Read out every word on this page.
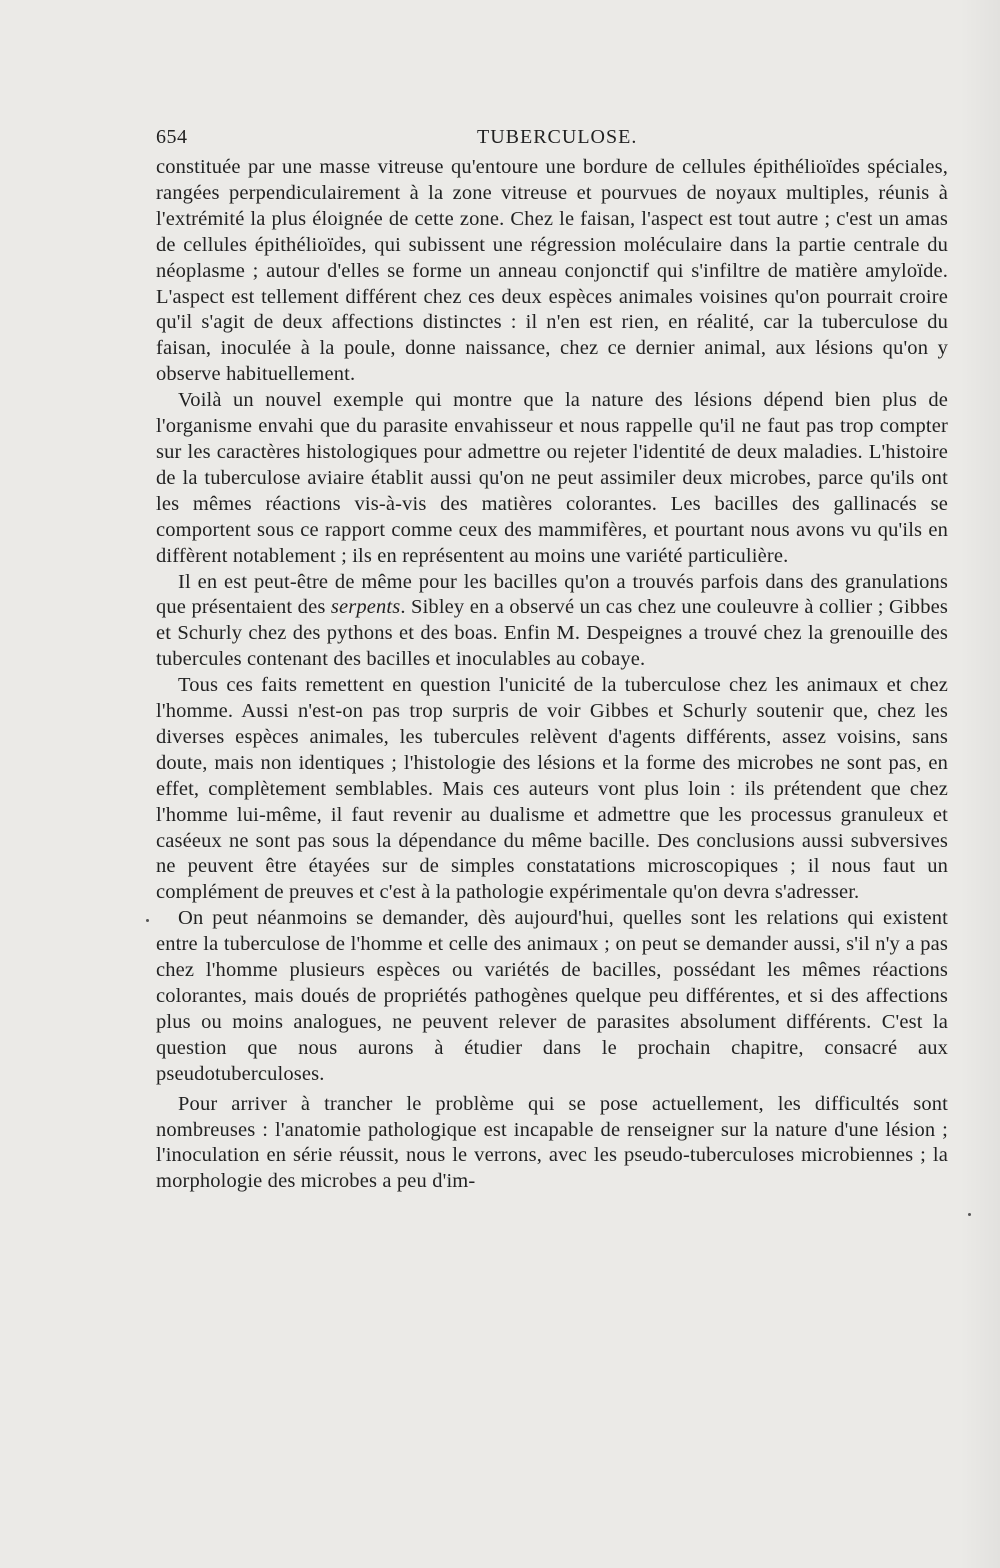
654	TUBERCULOSE.

constituée par une masse vitreuse qu'entoure une bordure de cellules épithélioïdes spéciales, rangées perpendiculairement à la zone vitreuse et pourvues de noyaux multiples, réunis à l'extrémité la plus éloignée de cette zone. Chez le faisan, l'aspect est tout autre ; c'est un amas de cellules épithélioïdes, qui subissent une régression moléculaire dans la partie centrale du néoplasme ; autour d'elles se forme un anneau conjonctif qui s'infiltre de matière amyloïde. L'aspect est tellement différent chez ces deux espèces animales voisines qu'on pourrait croire qu'il s'agit de deux affections distinctes : il n'en est rien, en réalité, car la tuberculose du faisan, inoculée à la poule, donne naissance, chez ce dernier animal, aux lésions qu'on y observe habituellement.

Voilà un nouvel exemple qui montre que la nature des lésions dépend bien plus de l'organisme envahi que du parasite envahisseur et nous rappelle qu'il ne faut pas trop compter sur les caractères histologiques pour admettre ou rejeter l'identité de deux maladies. L'histoire de la tuberculose aviaire établit aussi qu'on ne peut assimiler deux microbes, parce qu'ils ont les mêmes réactions vis-à-vis des matières colorantes. Les bacilles des gallinacés se comportent sous ce rapport comme ceux des mammifères, et pourtant nous avons vu qu'ils en diffèrent notablement ; ils en représentent au moins une variété particulière.

Il en est peut-être de même pour les bacilles qu'on a trouvés parfois dans des granulations que présentaient des serpents. Sibley en a observé un cas chez une couleuvre à collier ; Gibbes et Schurly chez des pythons et des boas. Enfin M. Despeignes a trouvé chez la grenouille des tubercules contenant des bacilles et inoculables au cobaye.

Tous ces faits remettent en question l'unicité de la tuberculose chez les animaux et chez l'homme. Aussi n'est-on pas trop surpris de voir Gibbes et Schurly soutenir que, chez les diverses espèces animales, les tubercules relèvent d'agents différents, assez voisins, sans doute, mais non identiques ; l'histologie des lésions et la forme des microbes ne sont pas, en effet, complètement semblables. Mais ces auteurs vont plus loin : ils prétendent que chez l'homme lui-même, il faut revenir au dualisme et admettre que les processus granuleux et caséeux ne sont pas sous la dépendance du même bacille. Des conclusions aussi subversives ne peuvent être étayées sur de simples constatations microscopiques ; il nous faut un complément de preuves et c'est à la pathologie expérimentale qu'on devra s'adresser.

On peut néanmoins se demander, dès aujourd'hui, quelles sont les relations qui existent entre la tuberculose de l'homme et celle des animaux ; on peut se demander aussi, s'il n'y a pas chez l'homme plusieurs espèces ou variétés de bacilles, possédant les mêmes réactions colorantes, mais doués de propriétés pathogènes quelque peu différentes, et si des affections plus ou moins analogues, ne peuvent relever de parasites absolument différents. C'est la question que nous aurons à étudier dans le prochain chapitre, consacré aux pseudotuberculoses.

Pour arriver à trancher le problème qui se pose actuellement, les difficultés sont nombreuses : l'anatomie pathologique est incapable de renseigner sur la nature d'une lésion ; l'inoculation en série réussit, nous le verrons, avec les pseudo-tuberculoses microbiennes ; la morphologie des microbes a peu d'im-
